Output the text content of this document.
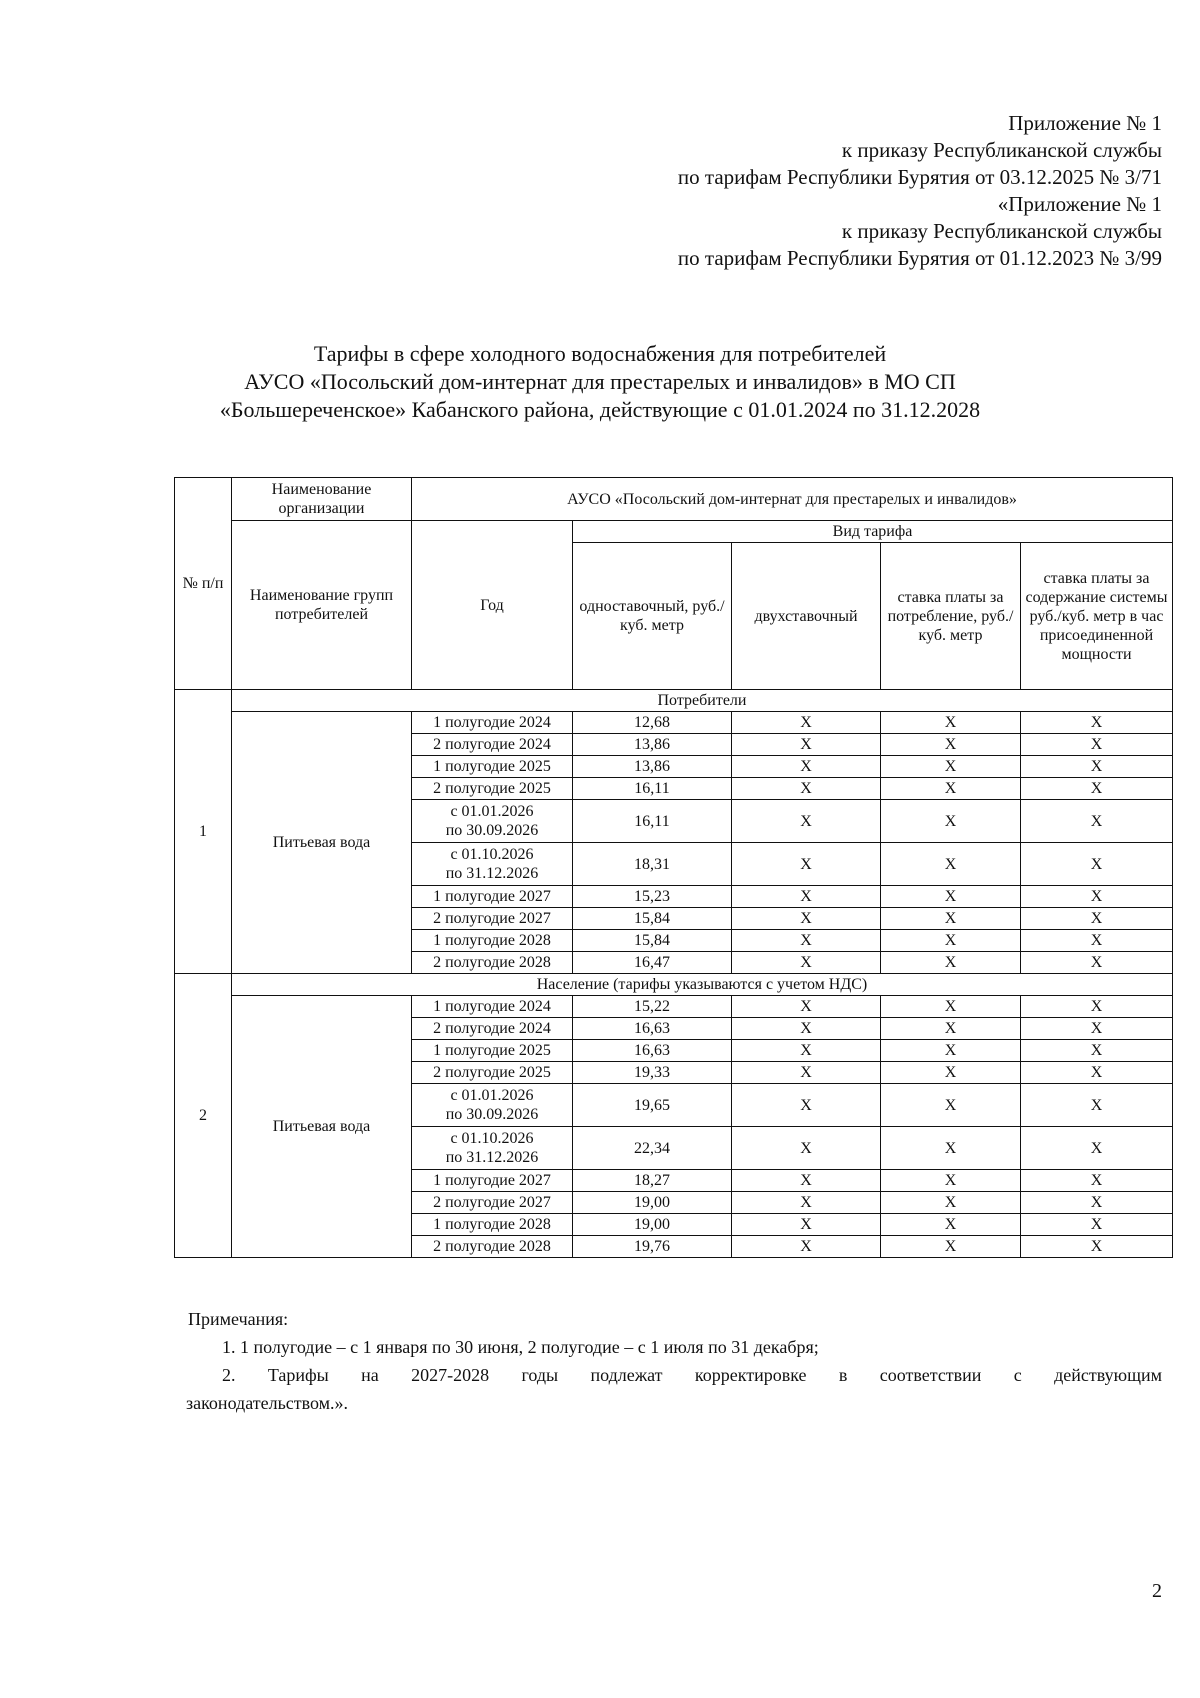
Приложение № 1
к приказу Республиканской службы
по тарифам Республики Бурятия от 03.12.2025 № 3/71
«Приложение № 1
к приказу Республиканской службы
по тарифам Республики Бурятия от 01.12.2023 № 3/99
Тарифы в сфере холодного водоснабжения для потребителей
АУСО «Посольский дом-интернат для престарелых и инвалидов» в МО СП
«Большереченское» Кабанского района, действующие с 01.01.2024 по 31.12.2028
№ п/п	Наименование организации	АУСО «Посольский дом-интернат для престарелых и инвалидов»				
	Наименование групп потребителей	Год	Вид тарифа			
			одноставочный, руб./ куб. метр	двухставочный	ставка платы за потребление, руб./ куб. метр	ставка платы за содержание системы руб./куб. метр в час присоединенной мощности
1	Потребители					
	Питьевая вода	1 полугодие 2024	12,68	X	X	X
		2 полугодие 2024	13,86	X	X	X
		1 полугодие 2025	13,86	X	X	X
		2 полугодие 2025	16,11	X	X	X

		с 01.01.2026
по 30.09.2026	16,11	X	X	X

		с 01.10.2026
по 31.12.2026	18,31	X	X	X
		1 полугодие 2027	15,23	X	X	X
		2 полугодие 2027	15,84	X	X	X
		1 полугодие 2028	15,84	X	X	X
		2 полугодие 2028	16,47	X	X	X
2	Население (тарифы указываются с учетом НДС)					
	Питьевая вода	1 полугодие 2024	15,22	X	X	X
		2 полугодие 2024	16,63	X	X	X
		1 полугодие 2025	16,63	X	X	X
		2 полугодие 2025	19,33	X	X	X

		с 01.01.2026
по 30.09.2026	19,65	X	X	X

		с 01.10.2026
по 31.12.2026	22,34	X	X	X
		1 полугодие 2027	18,27	X	X	X
		2 полугодие 2027	19,00	X	X	X
		1 полугодие 2028	19,00	X	X	X
		2 полугодие 2028	19,76	X	X	X
Примечания:
1. 1 полугодие – с 1 января по 30 июня, 2 полугодие – с 1 июля по 31 декабря;
2. Тарифы на 2027-2028 годы подлежат корректировке в соответствии с действующим
законодательством.».
2
